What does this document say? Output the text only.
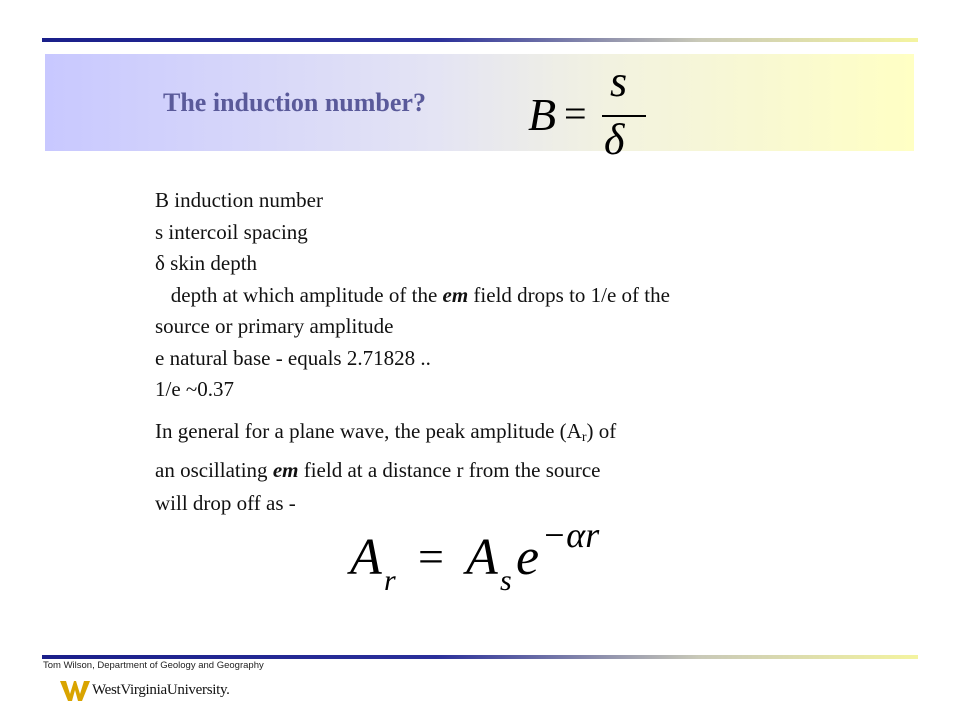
The induction number? B =
s
δ
B induction number
s intercoil spacing
δ skin depth
depth at which amplitude of the em field drops to 1/e of the
source or primary amplitude
e natural base - equals 2.71828 ..
1/e ~0.37
In general for a plane wave, the peak amplitude $(A_r)$ of
an oscillating em field at a distance r from the source
will drop off as -
A r = A s e −αr
Tom Wilson, Department of Geology and Geography
WestVirginiaUniversity.
